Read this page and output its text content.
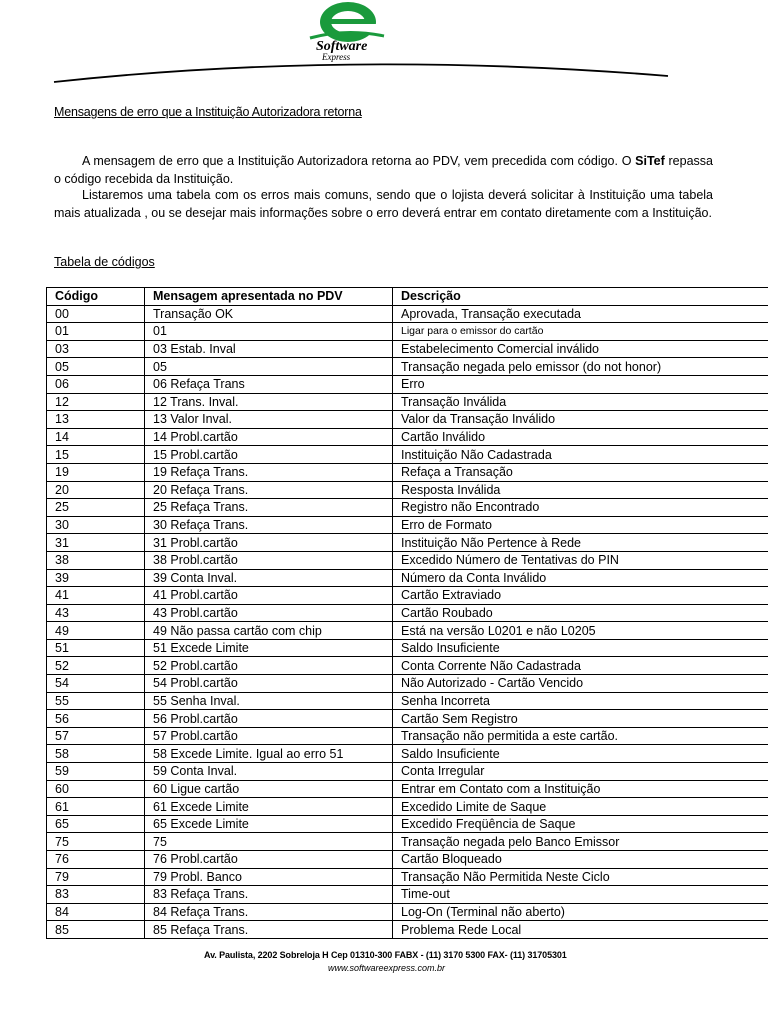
Software
Express
Mensagens de erro que a Instituição Autorizadora retorna

A mensagem de erro que a Instituição Autorizadora retorna ao PDV, vem precedida com código. O SiTef repassa o código recebida da Instituição.

Listaremos uma tabela com os erros mais comuns, sendo que o lojista deverá solicitar à Instituição uma tabela mais atualizada , ou se desejar mais informações sobre o erro deverá entrar em contato diretamente com a Instituição.

Tabela de códigos
Código	Mensagem apresentada no PDV	Descrição
00	Transação OK	Aprovada, Transação executada
01	01	Ligar para o emissor do cartão
03	03 Estab. Inval	Estabelecimento Comercial inválido
05	05	Transação negada pelo emissor (do not honor)
06	06 Refaça Trans	Erro
12	12 Trans. Inval.	Transação Inválida
13	13 Valor Inval.	Valor da Transação Inválido
14	14 Probl.cartão	Cartão Inválido
15	15 Probl.cartão	Instituição Não Cadastrada
19	19 Refaça Trans.	Refaça a Transação
20	20 Refaça Trans.	Resposta Inválida
25	25 Refaça Trans.	Registro não Encontrado
30	30 Refaça Trans.	Erro de Formato
31	31 Probl.cartão	Instituição Não Pertence à Rede
38	38 Probl.cartão	Excedido Número de Tentativas do PIN
39	39 Conta Inval.	Número da Conta Inválido
41	41 Probl.cartão	Cartão Extraviado
43	43 Probl.cartão	Cartão Roubado
49	49 Não passa cartão com chip	Está na versão L0201 e não L0205
51	51 Excede Limite	Saldo Insuficiente
52	52 Probl.cartão	Conta Corrente Não Cadastrada
54	54 Probl.cartão	Não Autorizado - Cartão Vencido
55	55 Senha Inval.	Senha Incorreta
56	56 Probl.cartão	Cartão Sem Registro
57	57 Probl.cartão	Transação não permitida a este cartão.
58	58 Excede Limite. Igual ao erro 51	Saldo Insuficiente
59	59 Conta Inval.	Conta Irregular
60	60 Ligue cartão	Entrar em Contato com a Instituição
61	61 Excede Limite	Excedido Limite de Saque
65	65 Excede Limite	Excedido Freqüência de Saque
75	75	Transação negada pelo Banco Emissor
76	76 Probl.cartão	Cartão Bloqueado
79	79 Probl. Banco	Transação Não Permitida Neste Ciclo
83	83 Refaça Trans.	Time-out
84	84 Refaça Trans.	Log-On (Terminal não aberto)
85	85 Refaça Trans.	Problema Rede Local
Av. Paulista, 2202 Sobreloja H Cep 01310-300 FABX - (11) 3170 5300 FAX- (11) 31705301
www.softwareexpress.com.br
